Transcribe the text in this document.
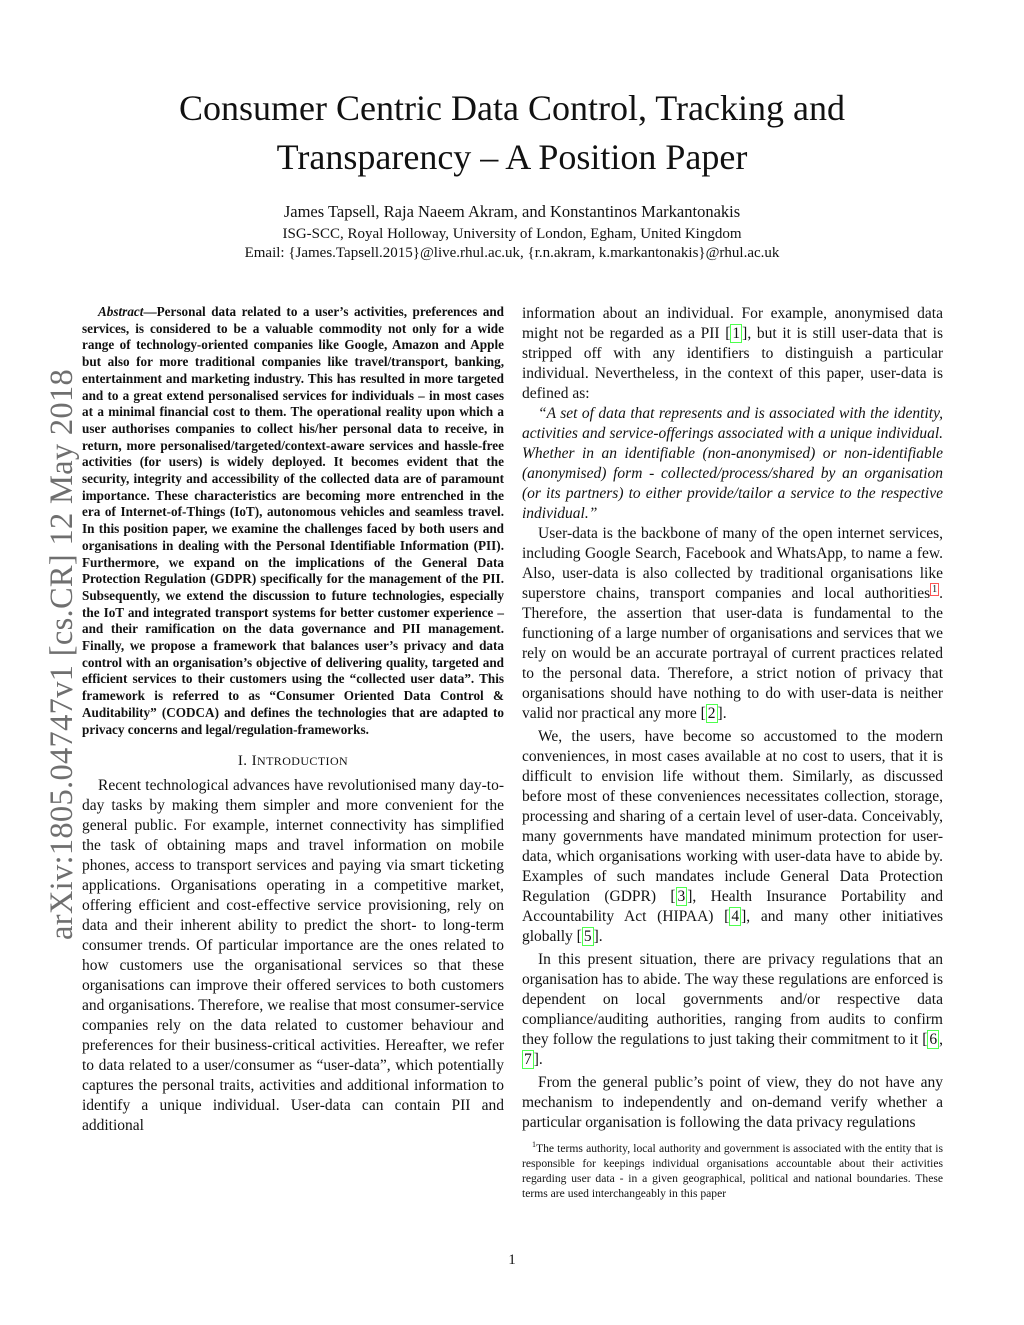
arXiv:1805.04747v1 [cs.CR] 12 May 2018
Consumer Centric Data Control, Tracking and Transparency – A Position Paper
James Tapsell, Raja Naeem Akram, and Konstantinos Markantonakis
ISG-SCC, Royal Holloway, University of London, Egham, United Kingdom
Email: {James.Tapsell.2015}@live.rhul.ac.uk, {r.n.akram, k.markantonakis}@rhul.ac.uk

Abstract—Personal data related to a user’s activities, preferences and services, is considered to be a valuable commodity not only for a wide range of technology-oriented companies like Google, Amazon and Apple but also for more traditional companies like travel/transport, banking, entertainment and marketing industry. This has resulted in more targeted and to a great extend personalised services for individuals – in most cases at a minimal financial cost to them. The operational reality upon which a user authorises companies to collect his/her personal data to receive, in return, more personalised/targeted/context-aware services and hassle-free activities (for users) is widely deployed. It becomes evident that the security, integrity and accessibility of the collected data are of paramount importance. These characteristics are becoming more entrenched in the era of Internet-of-Things (IoT), autonomous vehicles and seamless travel. In this position paper, we examine the challenges faced by both users and organisations in dealing with the Personal Identifiable Information (PII). Furthermore, we expand on the implications of the General Data Protection Regulation (GDPR) specifically for the management of the PII. Subsequently, we extend the discussion to future technologies, especially the IoT and integrated transport systems for better customer experience – and their ramification on the data governance and PII management. Finally, we propose a framework that balances user’s privacy and data control with an organisation’s objective of delivering quality, targeted and efficient services to their customers using the “collected user data”. This framework is referred to as “Consumer Oriented Data Control & Auditability” (CODCA) and defines the technologies that are adapted to privacy concerns and legal/regulation-frameworks.

I. INTRODUCTION

Recent technological advances have revolutionised many day-to-day tasks by making them simpler and more convenient for the general public. For example, internet connectivity has simplified the task of obtaining maps and travel information on mobile phones, access to transport services and paying via smart ticketing applications. Organisations operating in a competitive market, offering efficient and cost-effective service provisioning, rely on data and their inherent ability to predict the short- to long-term consumer trends. Of particular importance are the ones related to how customers use the organisational services so that these organisations can improve their offered services to both customers and organisations. Therefore, we realise that most consumer-service companies rely on the data related to customer behaviour and preferences for their business-critical activities. Hereafter, we refer to data related to a user/consumer as “user-data”, which potentially captures the personal traits, activities and additional information to identify a unique individual. User-data can contain PII and additional

information about an individual. For example, anonymised data might not be regarded as a PII [ 1 ], but it is still user-data that is stripped off with any identifiers to distinguish a particular individual. Nevertheless, in the context of this paper, user-data is defined as:

“A set of data that represents and is associated with the identity, activities and service-offerings associated with a unique individual. Whether in an identifiable (non-anonymised) or non-identifiable (anonymised) form - collected/process/shared by an organisation (or its partners) to either provide/tailor a service to the respective individual.”

User-data is the backbone of many of the open internet services, including Google Search, Facebook and WhatsApp, to name a few. Also, user-data is also collected by traditional organisations like superstore chains, transport companies and local authorities $^1$ . Therefore, the assertion that user-data is fundamental to the functioning of a large number of organisations and services that we rely on would be an accurate portrayal of current practices related to the personal data. Therefore, a strict notion of privacy that organisations should have nothing to do with user-data is neither valid nor practical any more [ 2 ].

We, the users, have become so accustomed to the modern conveniences, in most cases available at no cost to users, that it is difficult to envision life without them. Similarly, as discussed before most of these conveniences necessitates collection, storage, processing and sharing of a certain level of user-data. Conceivably, many governments have mandated minimum protection for user-data, which organisations working with user-data have to abide by. Examples of such mandates include General Data Protection Regulation (GDPR) [ 3 ], Health Insurance Portability and Accountability Act (HIPAA) [ 4 ], and many other initiatives globally [ 5 ].

In this present situation, there are privacy regulations that an organisation has to abide. The way these regulations are enforced is dependent on local governments and/or respective data compliance/auditing authorities, ranging from audits to confirm they follow the regulations to just taking their commitment to it [ 6 , 7 ].

From the general public’s point of view, they do not have any mechanism to independently and on-demand verify whether a particular organisation is following the data privacy regulations

$^1$The terms authority, local authority and government is associated with the entity that is responsible for keepings individual organisations accountable about their activities regarding user data - in a given geographical, political and national boundaries. These terms are used interchangeably in this paper
1
